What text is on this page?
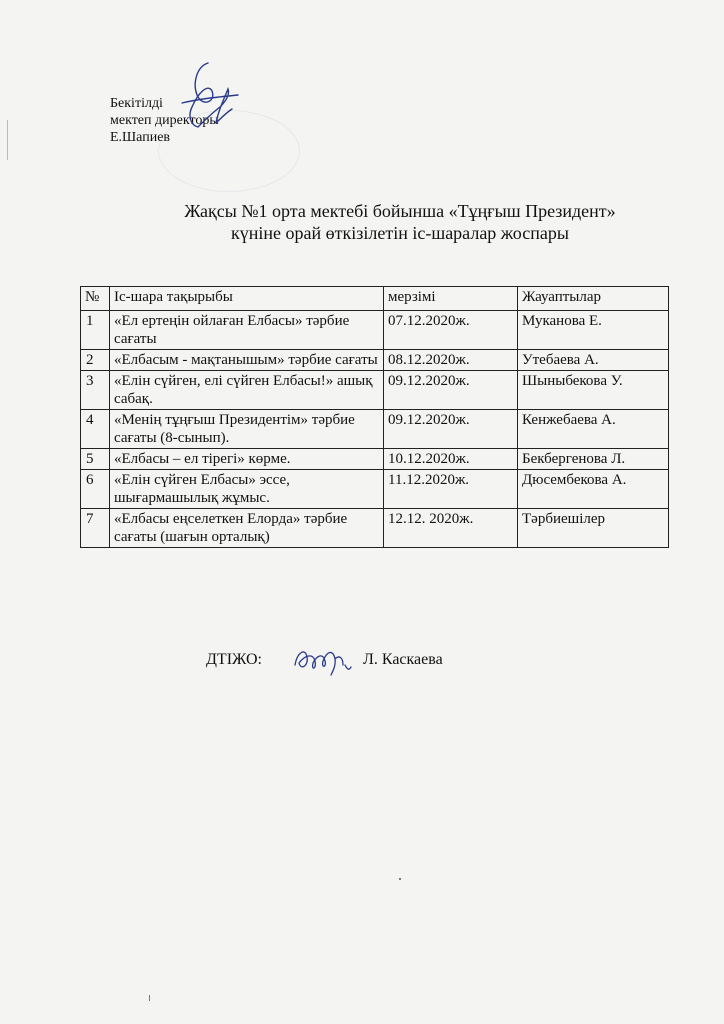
Бекітілді
мектеп директоры
Е.Шапиев
Жақсы №1 орта мектебі бойынша «Тұңғыш Президент»
күніне орай өткізілетін іс-шаралар жоспары
№	Іс-шара тақырыбы	мерзімі	Жауаптылар
1	«Ел ертеңін ойлаған Елбасы» тәрбие сағаты	07.12.2020ж.	Муканова Е.
2	«Елбасым - мақтанышым» тәрбие сағаты	08.12.2020ж.	Утебаева А.
3	«Елін сүйген, елі сүйген Елбасы!» ашық сабақ.	09.12.2020ж.	Шыныбекова У.
4	«Менің тұңғыш Президентім» тәрбие сағаты (8-сынып).	09.12.2020ж.	Кенжебаева А.
5	«Елбасы – ел тірегі» көрме.	10.12.2020ж.	Бекбергенова Л.
6	«Елін сүйген Елбасы» эссе, шығармашылық жұмыс.	11.12.2020ж.	Дюсембекова А.
7	«Елбасы еңселеткен Елорда» тәрбие сағаты (шағын орталық)	12.12. 2020ж.	Тәрбиешілер
ДТІЖО:	Л. Каскаева
